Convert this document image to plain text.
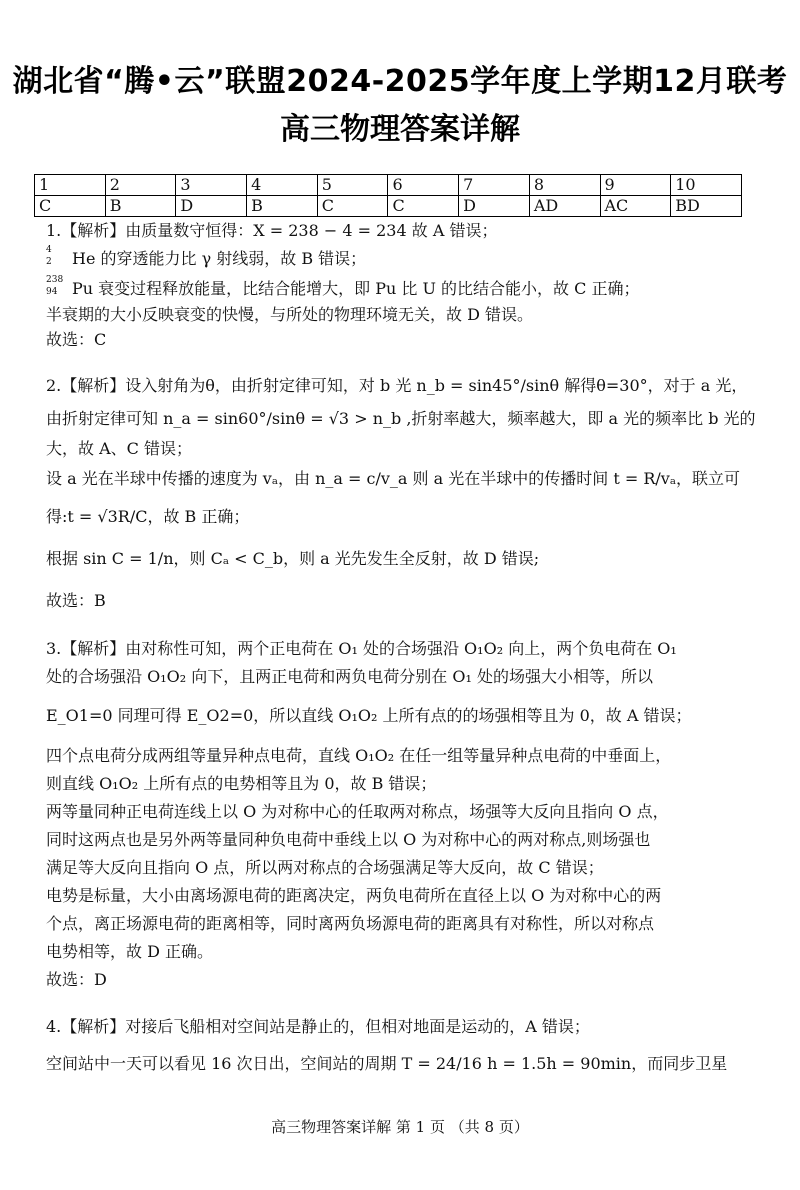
湖北省“腾•云”联盟2024-2025学年度上学期12月联考
高三物理答案详解
1	2	3	4	5	6	7	8	9	10
C	B	D	B	C	C	D	AD	AC	BD
1.【解析】由质量数守恒得：X = 238 − 4 = 234 故 A 错误；
4
2 He 的穿透能力比 γ 射线弱，故 B 错误；
238
94 Pu 衰变过程释放能量，比结合能增大，即 Pu 比 U 的比结合能小，故 C 正确；
半衰期的大小反映衰变的快慢，与所处的物理环境无关，故 D 错误。
故选：C
2.【解析】设入射角为θ，由折射定律可知，对 b 光 n_b = sin45°/sinθ 解得θ=30°，对于 a 光，
由折射定律可知 n_a = sin60°/sinθ = √3 > n_b ,折射率越大，频率越大，即 a 光的频率比 b 光的
大，故 A、C 错误；
设 a 光在半球中传播的速度为 vₐ，由 n_a = c/v_a 则 a 光在半球中的传播时间 t = R/vₐ，联立可
得:t = √3R/C，故 B 正确；
根据 sin C = 1/n，则 Cₐ < C_b，则 a 光先发生全反射，故 D 错误;
故选：B
3.【解析】由对称性可知，两个正电荷在 O₁ 处的合场强沿 O₁O₂ 向上，两个负电荷在 O₁
处的合场强沿 O₁O₂ 向下，且两正电荷和两负电荷分别在 O₁ 处的场强大小相等，所以
E_O1=0 同理可得 E_O2=0，所以直线 O₁O₂ 上所有点的的场强相等且为 0，故 A 错误；
四个点电荷分成两组等量异种点电荷，直线 O₁O₂ 在任一组等量异种点电荷的中垂面上，
则直线 O₁O₂ 上所有点的电势相等且为 0，故 B 错误；
两等量同种正电荷连线上以 O 为对称中心的任取两对称点，场强等大反向且指向 O 点，
同时这两点也是另外两等量同种负电荷中垂线上以 O 为对称中心的两对称点,则场强也
满足等大反向且指向 O 点，所以两对称点的合场强满足等大反向，故 C 错误；
电势是标量，大小由离场源电荷的距离决定，两负电荷所在直径上以 O 为对称中心的两
个点，离正场源电荷的距离相等，同时离两负场源电荷的距离具有对称性，所以对称点
电势相等，故 D 正确。
故选：D
4.【解析】对接后飞船相对空间站是静止的，但相对地面是运动的，A 错误；
空间站中一天可以看见 16 次日出，空间站的周期 T = 24/16 h = 1.5h = 90min，而同步卫星
高三物理答案详解 第 1 页 （共 8 页）
